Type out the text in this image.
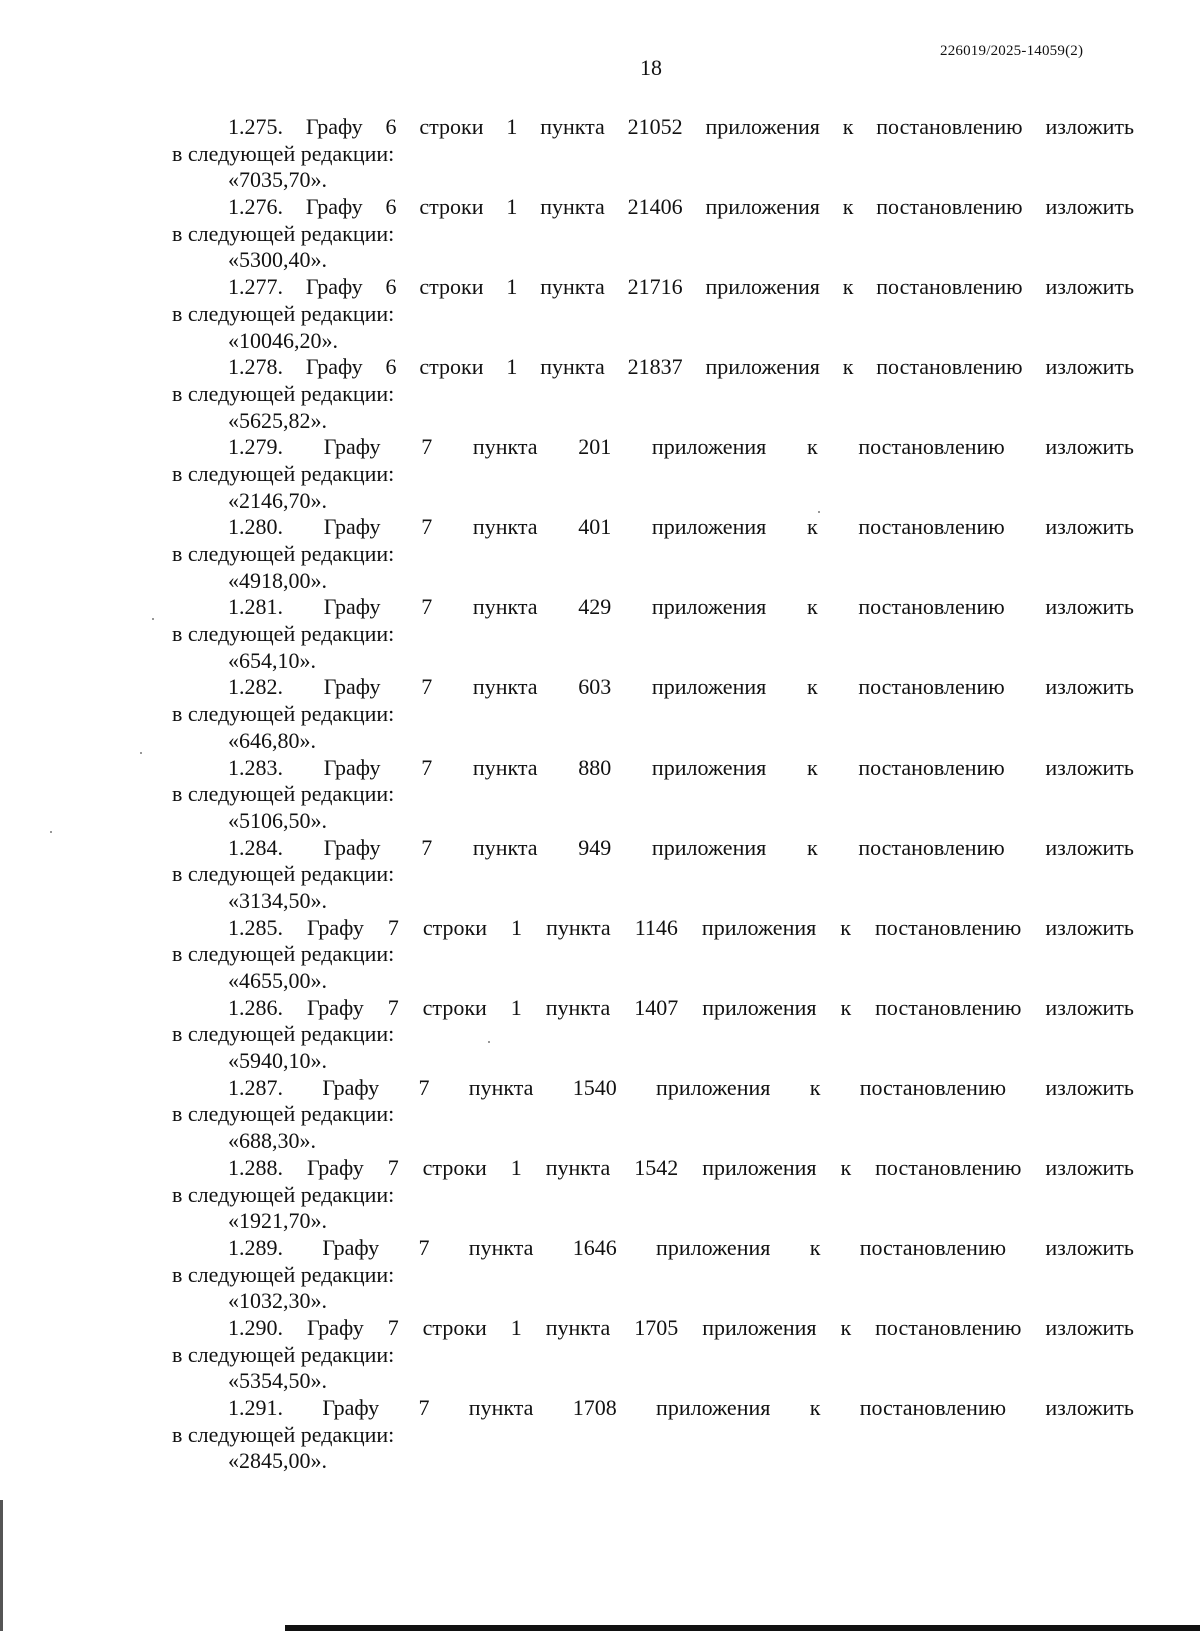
226019/2025-14059(2)
18
1.275. Графу 6 строки 1 пункта 21052 приложения к постановлению изложить
в следующей редакции:
«7035,70».
1.276. Графу 6 строки 1 пункта 21406 приложения к постановлению изложить
в следующей редакции:
«5300,40».
1.277. Графу 6 строки 1 пункта 21716 приложения к постановлению изложить
в следующей редакции:
«10046,20».
1.278. Графу 6 строки 1 пункта 21837 приложения к постановлению изложить
в следующей редакции:
«5625,82».
1.279. Графу 7 пункта 201 приложения к постановлению изложить
в следующей редакции:
«2146,70».
1.280. Графу 7 пункта 401 приложения к постановлению изложить
в следующей редакции:
«4918,00».
1.281. Графу 7 пункта 429 приложения к постановлению изложить
в следующей редакции:
«654,10».
1.282. Графу 7 пункта 603 приложения к постановлению изложить
в следующей редакции:
«646,80».
1.283. Графу 7 пункта 880 приложения к постановлению изложить
в следующей редакции:
«5106,50».
1.284. Графу 7 пункта 949 приложения к постановлению изложить
в следующей редакции:
«3134,50».
1.285. Графу 7 строки 1 пункта 1146 приложения к постановлению изложить
в следующей редакции:
«4655,00».
1.286. Графу 7 строки 1 пункта 1407 приложения к постановлению изложить
в следующей редакции:
«5940,10».
1.287. Графу 7 пункта 1540 приложения к постановлению изложить
в следующей редакции:
«688,30».
1.288. Графу 7 строки 1 пункта 1542 приложения к постановлению изложить
в следующей редакции:
«1921,70».
1.289. Графу 7 пункта 1646 приложения к постановлению изложить
в следующей редакции:
«1032,30».
1.290. Графу 7 строки 1 пункта 1705 приложения к постановлению изложить
в следующей редакции:
«5354,50».
1.291. Графу 7 пункта 1708 приложения к постановлению изложить
в следующей редакции:
«2845,00».
